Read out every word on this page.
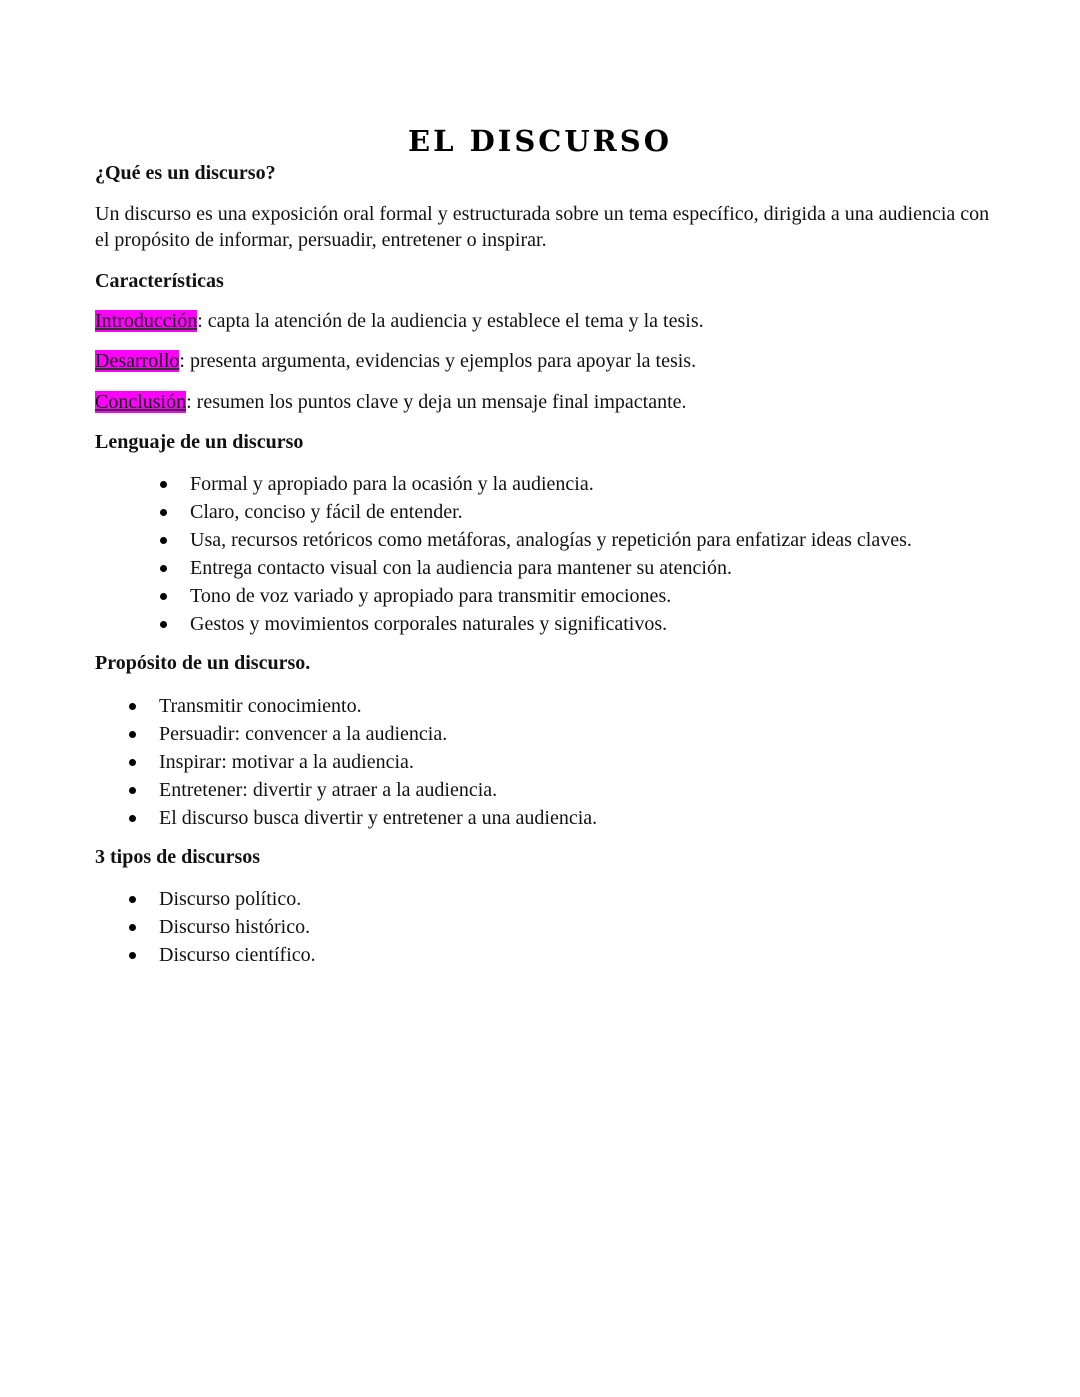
EL DISCURSO

¿Qué es un discurso?

Un discurso es una exposición oral formal y estructurada sobre un tema específico, dirigida a una audiencia con el propósito de informar, persuadir, entretener o inspirar.

Características

Introducción: capta la atención de la audiencia y establece el tema y la tesis.

Desarrollo: presenta argumenta, evidencias y ejemplos para apoyar la tesis.

Conclusión: resumen los puntos clave y deja un mensaje final impactante.

Lenguaje de un discurso

Formal y apropiado para la ocasión y la audiencia.
Claro, conciso y fácil de entender.
Usa, recursos retóricos como metáforas, analogías y repetición para enfatizar ideas claves.
Entrega contacto visual con la audiencia para mantener su atención.
Tono de voz variado y apropiado para transmitir emociones.
Gestos y movimientos corporales naturales y significativos.

Propósito de un discurso.

Transmitir conocimiento.
Persuadir: convencer a la audiencia.
Inspirar: motivar a la audiencia.
Entretener: divertir y atraer a la audiencia.
El discurso busca divertir y entretener a una audiencia.

3 tipos de discursos

Discurso político.
Discurso histórico.
Discurso científico.
